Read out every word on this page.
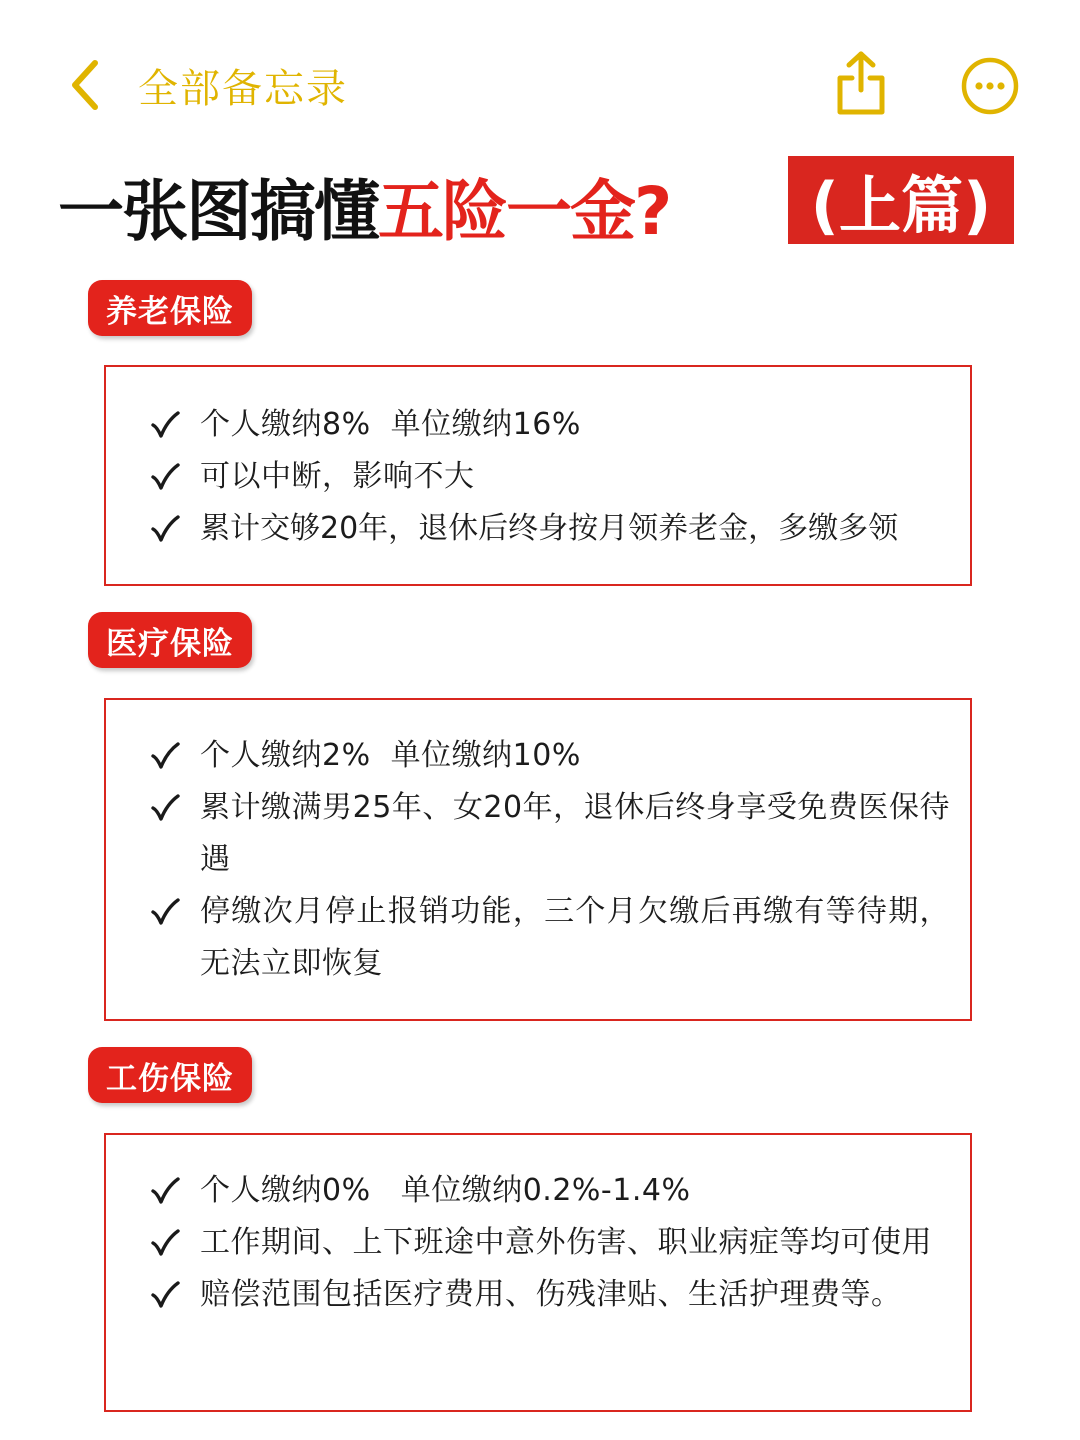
全部备忘录
一张图搞懂五险一金?	(上篇)
养老保险
个人缴纳8%  单位缴纳16%
可以中断，影响不大
累计交够20年，退休后终身按月领养老金，多缴多领
医疗保险
个人缴纳2%  单位缴纳10%
累计缴满男25年、女20年，退休后终身享受免费医保待遇
停缴次月停止报销功能，三个月欠缴后再缴有等待期，无法立即恢复
工伤保险
个人缴纳0%   单位缴纳0.2%-1.4%
工作期间、上下班途中意外伤害、职业病症等均可使用
赔偿范围包括医疗费用、伤残津贴、生活护理费等。
